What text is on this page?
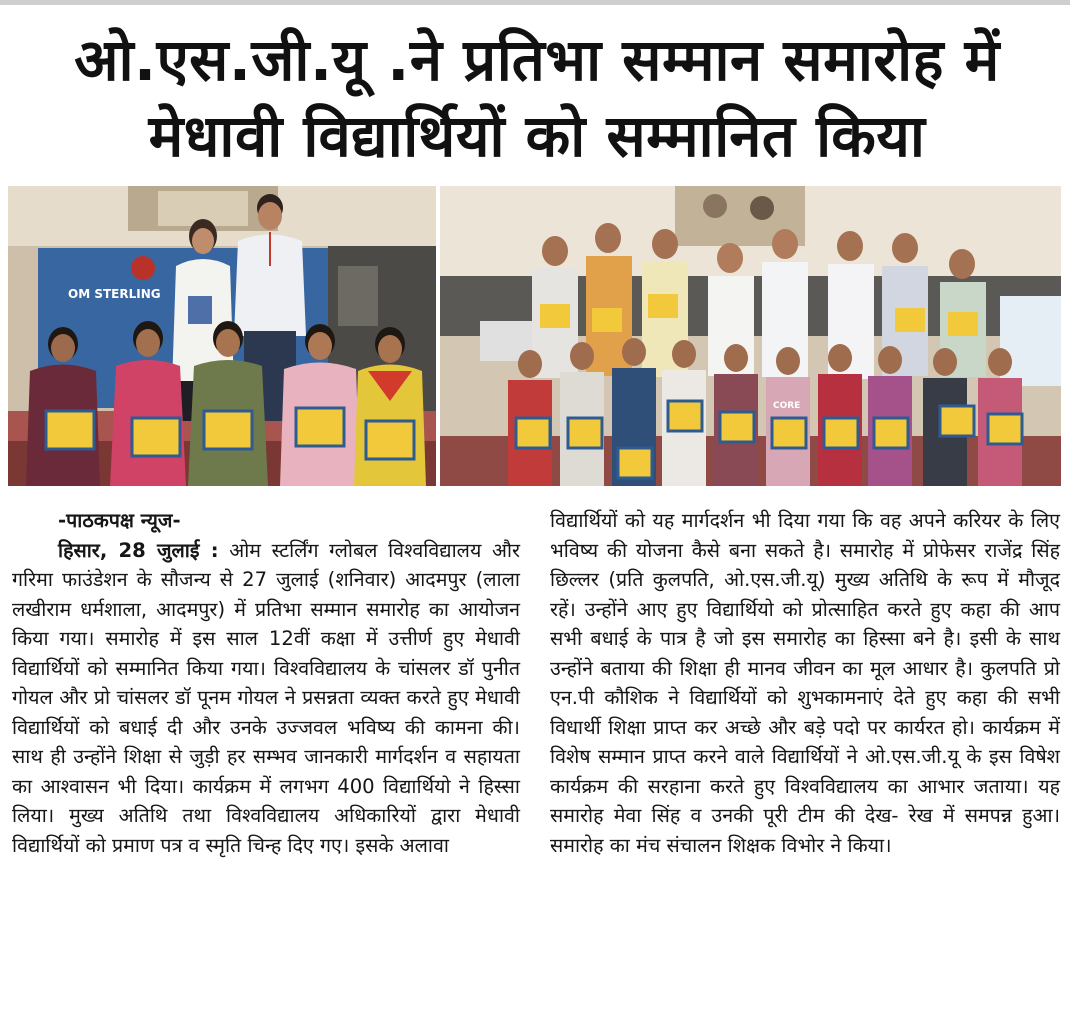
ओ.एस.जी.यू .ने प्रतिभा सम्मान समारोह में मेधावी विद्यार्थियों को सम्मानित किया
OM STERLING
CORE
-पाठकपक्ष न्यूज-
हिसार, 28 जुलाई : ओम स्टर्लिंग ग्लोबल विश्वविद्यालय और गरिमा फाउंडेशन के सौजन्य से 27 जुलाई (शनिवार) आदमपुर (लाला लखीराम धर्मशाला, आदमपुर) में प्रतिभा सम्मान समारोह का आयोजन किया गया। समारोह में इस साल 12वीं कक्षा में उत्तीर्ण हुए मेधावी विद्यार्थियों को सम्मानित किया गया। विश्वविद्यालय के चांसलर डॉ पुनीत गोयल और प्रो चांसलर डॉ पूनम गोयल ने प्रसन्नता व्यक्त करते हुए मेधावी विद्यार्थियों को बधाई दी और उनके उज्जवल भविष्य की कामना की। साथ ही उन्होंने शिक्षा से जुड़ी हर सम्भव जानकारी मार्गदर्शन व सहायता का आश्वासन भी दिया। कार्यक्रम में लगभग 400 विद्यार्थियो ने हिस्सा लिया। मुख्य अतिथि तथा विश्वविद्यालय अधिकारियों द्वारा मेधावी विद्यार्थियों को प्रमाण पत्र व स्मृति चिन्ह दिए गए। इसके अलावा
विद्यार्थियों को यह मार्गदर्शन भी दिया गया कि वह अपने करियर के लिए भविष्य की योजना कैसे बना सकते है। समारोह में प्रोफेसर राजेंद्र सिंह छिल्लर (प्रति कुलपति, ओ.एस.जी.यू) मुख्य अतिथि के रूप में मौजूद रहें। उन्होंने आए हुए विद्यार्थियो को प्रोत्साहित करते हुए कहा की आप सभी बधाई के पात्र है जो इस समारोह का हिस्सा बने है। इसी के साथ उन्होंने बताया की शिक्षा ही मानव जीवन का मूल आधार है। कुलपति प्रो एन.पी कौशिक ने विद्यार्थियों को शुभकामनाएं देते हुए कहा की सभी विधार्थी शिक्षा प्राप्त कर अच्छे और बड़े पदो पर कार्यरत हो। कार्यक्रम में विशेष सम्मान प्राप्त करने वाले विद्यार्थियों ने ओ.एस.जी.यू के इस विषेश कार्यक्रम की सरहाना करते हुए विश्वविद्यालय का आभार जताया। यह समारोह मेवा सिंह व उनकी पूरी टीम की देख- रेख में समपन्न हुआ। समारोह का मंच संचालन शिक्षक विभोर ने किया।
